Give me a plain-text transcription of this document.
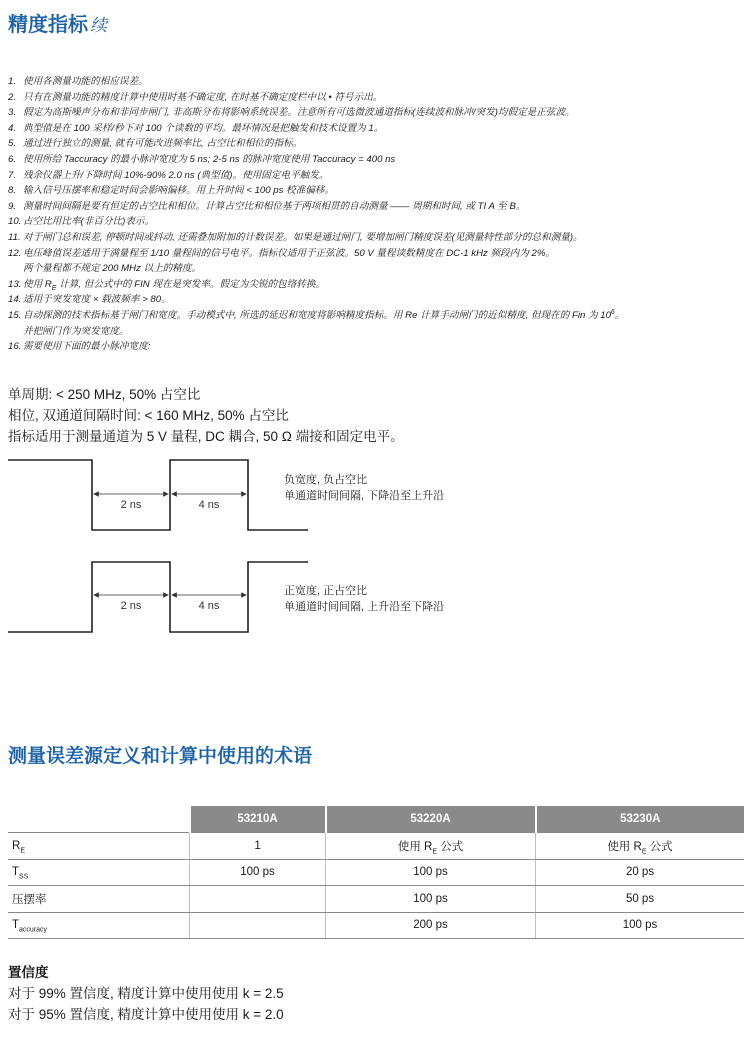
精度指标 续
1. 使用各测量功能的相应误差。
2. 只有在测量功能的精度计算中使用时基不确定度, 在时基不确定度栏中以 • 符号示出。
3. 假定为高斯噪声分布和非同步闸门, 非高斯分布将影响系统误差。注意所有可选微波通道指标(连续波和脉冲/突发)均假定是正弦波。
4. 典型值是在 100 采样/秒下对 100 个读数的平均。最坏情况是把触发和技术设置为 1。
5. 通过进行独立的测量, 就有可能改进频率比, 占空比和相位的指标。
6. 使用所给 Taccuracy 的最小脉冲宽度为 5 ns; 2-5 ns 的脉冲宽度使用 Taccuracy = 400 ns
7. 残余仪器上升/下降时间 10%-90% 2.0 ns (典型值)。使用固定电平触发。
8. 输入信号压摆率和稳定时间会影响偏移。用上升时间 < 100 ps 校准偏移。
9. 测量时间间隔是要有恒定的占空比和相位。计算占空比和相位基于两项相贯的自动测量 —— 周期和时间, 或 TI A 至 B。
10. 占空比用比率(非百分比)表示。
11. 对于闸门总和误差, 停顿时间或抖动, 还需叠加附加的计数误差。如果是通过闸门, 要增加闸门精度误差(见测量特性部分的总和测量)。
12. 电压峰值误差适用于满量程至 1/10 量程间的信号电平。指标仪适用于正弦波。50 V 量程读数精度在 DC-1 kHz 频段内为 2%。
两个量程都不规定 200 MHz 以上的精度。
13. 使用 $R_E$ 计算, 但公式中的 FIN 现在是突发率。假定为尖锐的包络转换。
14. 适用于突发宽度 × 载波频率 > 80。
15. 自动探测的技术指标基于闸门和宽度。手动模式中, 所选的延迟和宽度将影响精度指标。用 Re 计算手动闸门的近似精度, 但现在的 Fin 为 $10^6$。
并把闸门作为突发宽度。
16. 需要使用下面的最小脉冲宽度:
单周期: < 250 MHz, 50% 占空比
相位, 双通道间隔时间: < 160 MHz, 50% 占空比
指标适用于测量通道为 5 V 量程, DC 耦合, 50 Ω 端接和固定电平。
2 ns	4 ns
负宽度, 负占空比
单通道时间间隔, 下降沿至上升沿
2 ns	4 ns
正宽度, 正占空比
单通道时间间隔, 上升沿至下降沿
测量误差源定义和计算中使用的术语
	53210A	53220A	53230A
$R_E$	1	使用 $R_E$ 公式	使用 $R_E$ 公式
$T_{SS}$	100 ps	100 ps	20 ps
压摆率		100 ps	50 ps
$T_{accuracy}$		200 ps	100 ps
置信度
对于 99% 置信度, 精度计算中使用使用 k = 2.5
对于 95% 置信度, 精度计算中使用使用 k = 2.0
